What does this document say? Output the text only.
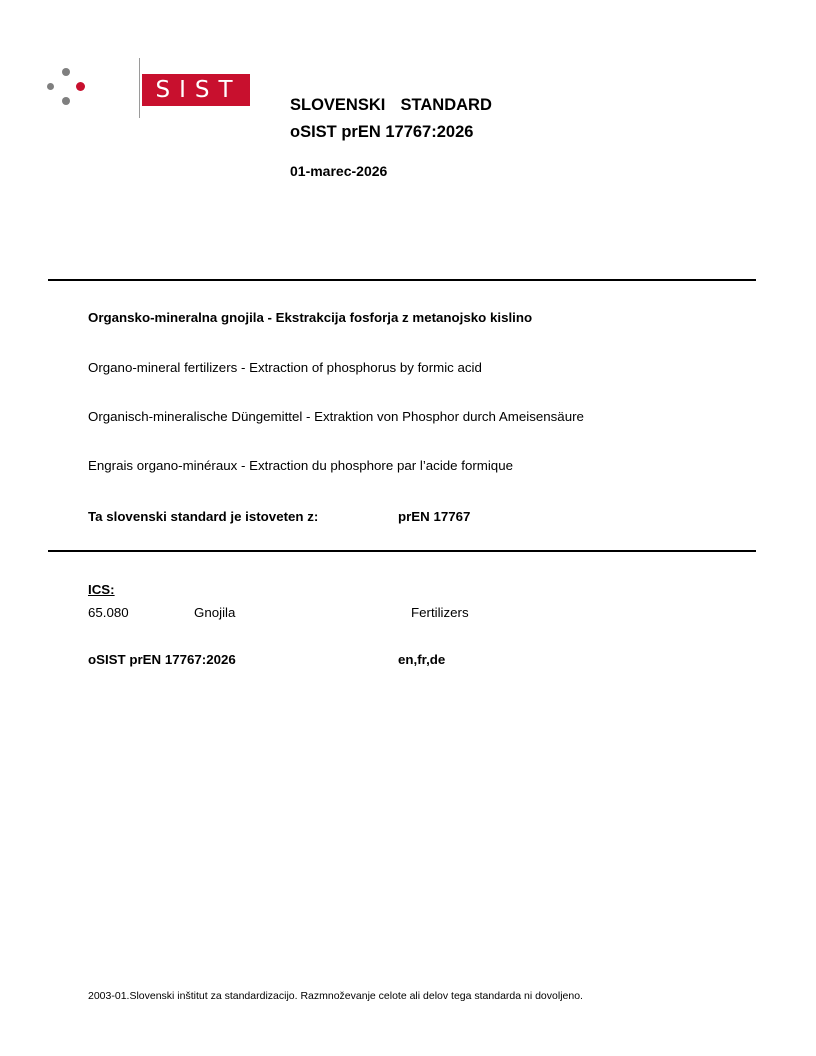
SIST
SLOVENSKI  STANDARD
oSIST prEN 17767:2026
01-marec-2026
Organsko-mineralna gnojila - Ekstrakcija fosforja z metanojsko kislino
Organo-mineral fertilizers - Extraction of phosphorus by formic acid
Organisch-mineralische Düngemittel - Extraktion von Phosphor durch Ameisensäure
Engrais organo-minéraux - Extraction du phosphore par l’acide formique
Ta slovenski standard je istoveten z:	prEN 17767
ICS:
65.080	Gnojila	Fertilizers
oSIST prEN 17767:2026	en,fr,de
2003-01.Slovenski inštitut za standardizacijo. Razmnoževanje celote ali delov tega standarda ni dovoljeno.
